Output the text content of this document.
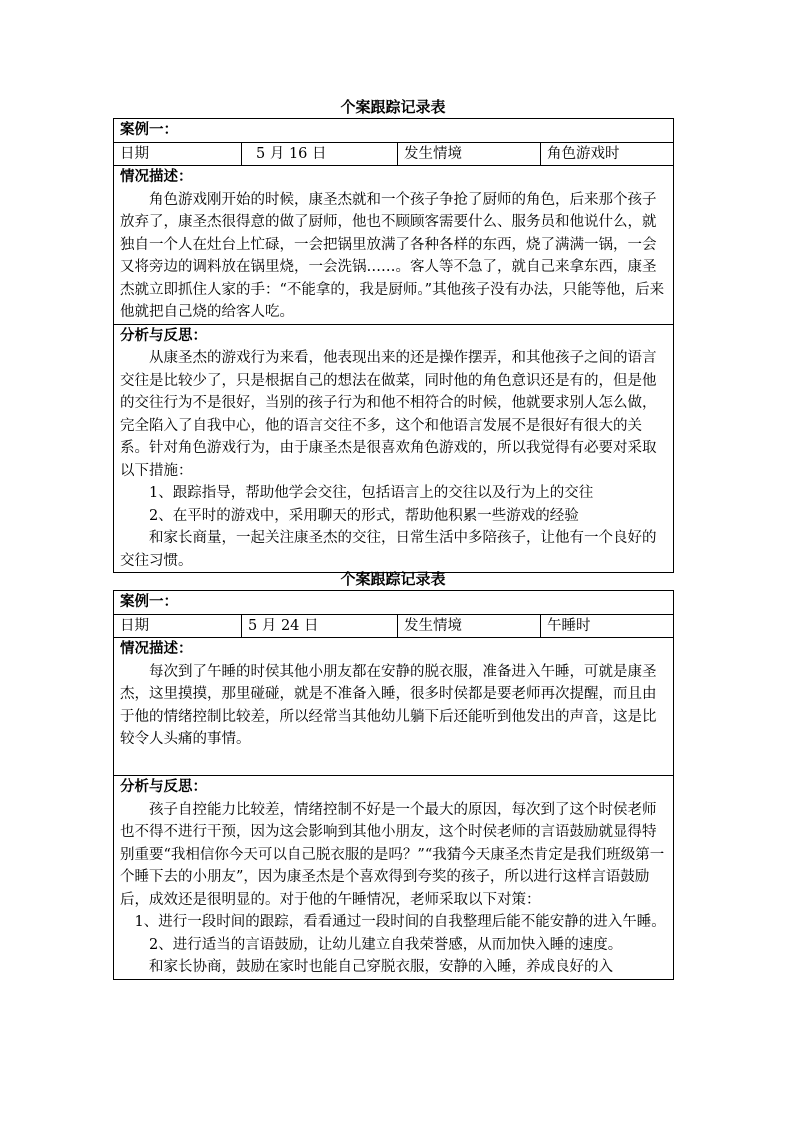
个案跟踪记录表
案例一：
日期	5 月 16 日	发生情境	角色游戏时

情况描述：
角色游戏刚开始的时候，康圣杰就和一个孩子争抢了厨师的角色，后来那个孩子放弃了，康圣杰很得意的做了厨师，他也不顾顾客需要什么、服务员和他说什么，就独自一个人在灶台上忙碌，一会把锅里放满了各种各样的东西，烧了满满一锅，一会又将旁边的调料放在锅里烧，一会洗锅……。客人等不急了，就自己来拿东西，康圣杰就立即抓住人家的手：“不能拿的，我是厨师。”其他孩子没有办法，只能等他，后来他就把自己烧的给客人吃。

分析与反思：
从康圣杰的游戏行为来看，他表现出来的还是操作摆弄，和其他孩子之间的语言交往是比较少了，只是根据自己的想法在做菜，同时他的角色意识还是有的，但是他的交往行为不是很好，当别的孩子行为和他不相符合的时候，他就要求别人怎么做，完全陷入了自我中心，他的语言交往不多，这个和他语言发展不是很好有很大的关系。针对角色游戏行为，由于康圣杰是很喜欢角色游戏的，所以我觉得有必要对采取以下措施：
1、跟踪指导，帮助他学会交往，包括语言上的交往以及行为上的交往
2、在平时的游戏中，采用聊天的形式，帮助他积累一些游戏的经验
和家长商量，一起关注康圣杰的交往，日常生活中多陪孩子，让他有一个良好的交往习惯。
个案跟踪记录表
案例一：
日期	5 月 24 日	发生情境	午睡时

情况描述：
每次到了午睡的时侯其他小朋友都在安静的脱衣服，准备进入午睡，可就是康圣杰，这里摸摸，那里碰碰，就是不准备入睡，很多时侯都是要老师再次提醒，而且由于他的情绪控制比较差，所以经常当其他幼儿躺下后还能听到他发出的声音，这是比较令人头痛的事情。

分析与反思：
孩子自控能力比较差，情绪控制不好是一个最大的原因，每次到了这个时侯老师也不得不进行干预，因为这会影响到其他小朋友，这个时侯老师的言语鼓励就显得特别重要“我相信你今天可以自己脱衣服的是吗？”“我猜今天康圣杰肯定是我们班级第一个睡下去的小朋友”，因为康圣杰是个喜欢得到夸奖的孩子，所以进行这样言语鼓励后，成效还是很明显的。对于他的午睡情况，老师采取以下对策：
1、进行一段时间的跟踪，看看通过一段时间的自我整理后能不能安静的进入午睡。
2、进行适当的言语鼓励，让幼儿建立自我荣誉感，从而加快入睡的速度。
和家长协商，鼓励在家时也能自己穿脱衣服，安静的入睡，养成良好的入
